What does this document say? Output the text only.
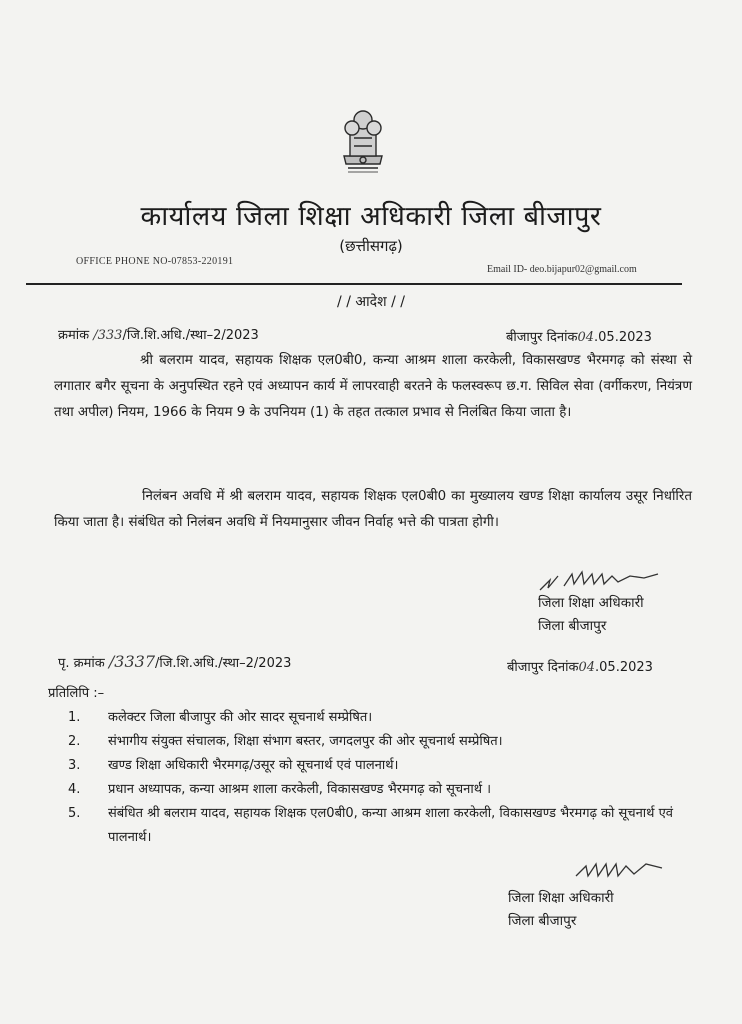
कार्यालय जिला शिक्षा अधिकारी जिला बीजापुर
(छत्तीसगढ़)
OFFICE PHONE NO-07853-220191
Email ID- deo.bijapur02@gmail.com
/ / आदेश / /
क्रमांक /333/जि.शि.अधि./स्था–2/2023	बीजापुर दिनांक04.05.2023

श्री बलराम यादव, सहायक शिक्षक एल0बी0, कन्या आश्रम शाला करकेली, विकासखण्ड भैरमगढ़ को संस्था से लगातार बगैर सूचना के अनुपस्थित रहने एवं अध्यापन कार्य में लापरवाही बरतने के फलस्वरूप छ.ग. सिविल सेवा (वर्गीकरण, नियंत्रण तथा अपील) नियम, 1966 के नियम 9 के उपनियम (1) के तहत तत्काल प्रभाव से निलंबित किया जाता है।

निलंबन अवधि में श्री बलराम यादव, सहायक शिक्षक एल0बी0 का मुख्यालय खण्ड शिक्षा कार्यालय उसूर निर्धारित किया जाता है। संबंधित को निलंबन अवधि में नियमानुसार जीवन निर्वाह भत्ते की पात्रता होगी।

जिला शिक्षा अधिकारी
जिला बीजापुर
पृ. क्रमांक /3337/जि.शि.अधि./स्था–2/2023	बीजापुर दिनांक04.05.2023
प्रतिलिपि :–
1. कलेक्टर जिला बीजापुर की ओर सादर सूचनार्थ सम्प्रेषित।
2. संभागीय संयुक्त संचालक, शिक्षा संभाग बस्तर, जगदलपुर की ओर सूचनार्थ सम्प्रेषित।
3. खण्ड शिक्षा अधिकारी भैरमगढ़/उसूर को सूचनार्थ एवं पालनार्थ।
4. प्रधान अध्यापक, कन्या आश्रम शाला करकेली, विकासखण्ड भैरमगढ़ को सूचनार्थ ।
5. संबंधित श्री बलराम यादव, सहायक शिक्षक एल0बी0, कन्या आश्रम शाला करकेली, विकासखण्ड भैरमगढ़ को सूचनार्थ एवं पालनार्थ।
जिला शिक्षा अधिकारी
जिला बीजापुर
